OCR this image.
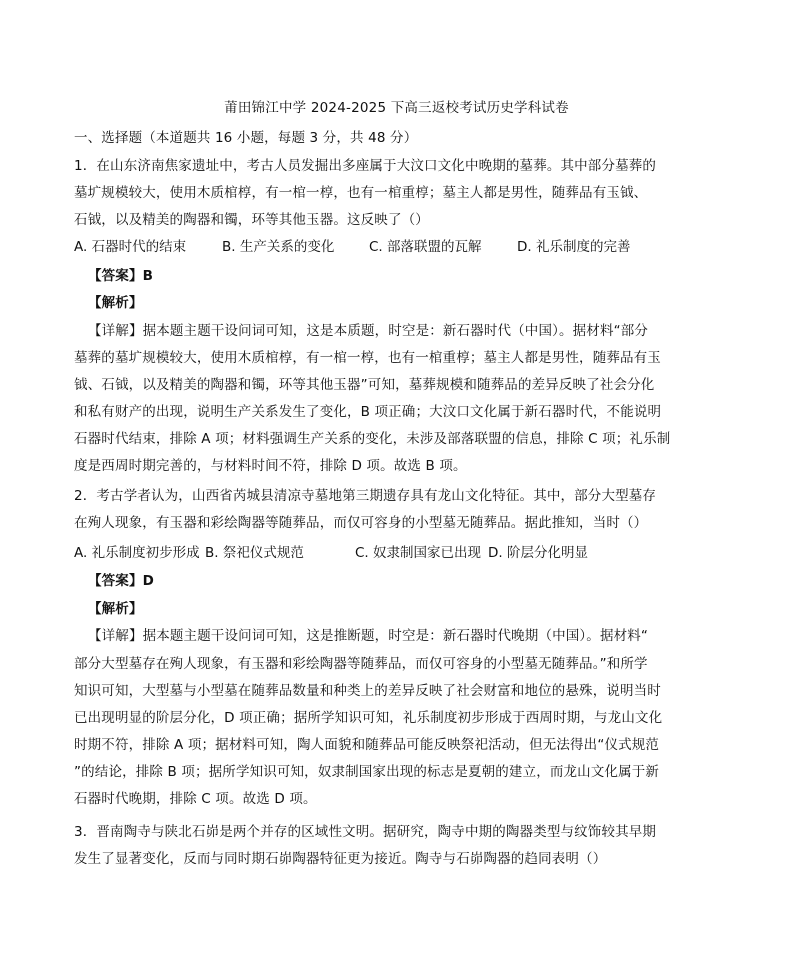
莆田锦江中学 2024-2025 下高三返校考试历史学科试卷
一、选择题（本道题共 16 小题，每题 3 分，共 48 分）
1．在山东济南焦家遗址中，考古人员发掘出多座属于大汶口文化中晚期的墓葬。其中部分墓葬的
墓圹规模较大，使用木质棺椁，有一棺一椁，也有一棺重椁；墓主人都是男性，随葬品有玉钺、
石钺，以及精美的陶器和镯，环等其他玉器。这反映了（）
A. 石器时代的结束	B. 生产关系的变化	C. 部落联盟的瓦解	D. 礼乐制度的完善
【答案】B
【解析】
【详解】据本题主题干设问词可知，这是本质题，时空是：新石器时代（中国）。据材料“部分
墓葬的墓圹规模较大，使用木质棺椁，有一棺一椁，也有一棺重椁；墓主人都是男性，随葬品有玉
钺、石钺，以及精美的陶器和镯，环等其他玉器”可知，墓葬规模和随葬品的差异反映了社会分化
和私有财产的出现，说明生产关系发生了变化，B 项正确；大汶口文化属于新石器时代，不能说明
石器时代结束，排除 A 项；材料强调生产关系的变化，未涉及部落联盟的信息，排除 C 项；礼乐制
度是西周时期完善的，与材料时间不符，排除 D 项。故选 B 项。
2．考古学者认为，山西省芮城县清凉寺墓地第三期遗存具有龙山文化特征。其中，部分大型墓存
在殉人现象，有玉器和彩绘陶器等随葬品，而仅可容身的小型墓无随葬品。据此推知，当时（）
A. 礼乐制度初步形成 B. 祭祀仪式规范	C. 奴隶制国家已出现 D. 阶层分化明显
【答案】D
【解析】
【详解】据本题主题干设问词可知，这是推断题，时空是：新石器时代晚期（中国）。据材料“
部分大型墓存在殉人现象，有玉器和彩绘陶器等随葬品，而仅可容身的小型墓无随葬品。”和所学
知识可知，大型墓与小型墓在随葬品数量和种类上的差异反映了社会财富和地位的悬殊，说明当时
已出现明显的阶层分化，D 项正确；据所学知识可知，礼乐制度初步形成于西周时期，与龙山文化
时期不符，排除 A 项；据材料可知，陶人面貌和随葬品可能反映祭祀活动，但无法得出“仪式规范
”的结论，排除 B 项；据所学知识可知，奴隶制国家出现的标志是夏朝的建立，而龙山文化属于新
石器时代晚期，排除 C 项。故选 D 项。
3．晋南陶寺与陕北石峁是两个并存的区域性文明。据研究，陶寺中期的陶器类型与纹饰较其早期
发生了显著变化，反而与同时期石峁陶器特征更为接近。陶寺与石峁陶器的趋同表明（）
